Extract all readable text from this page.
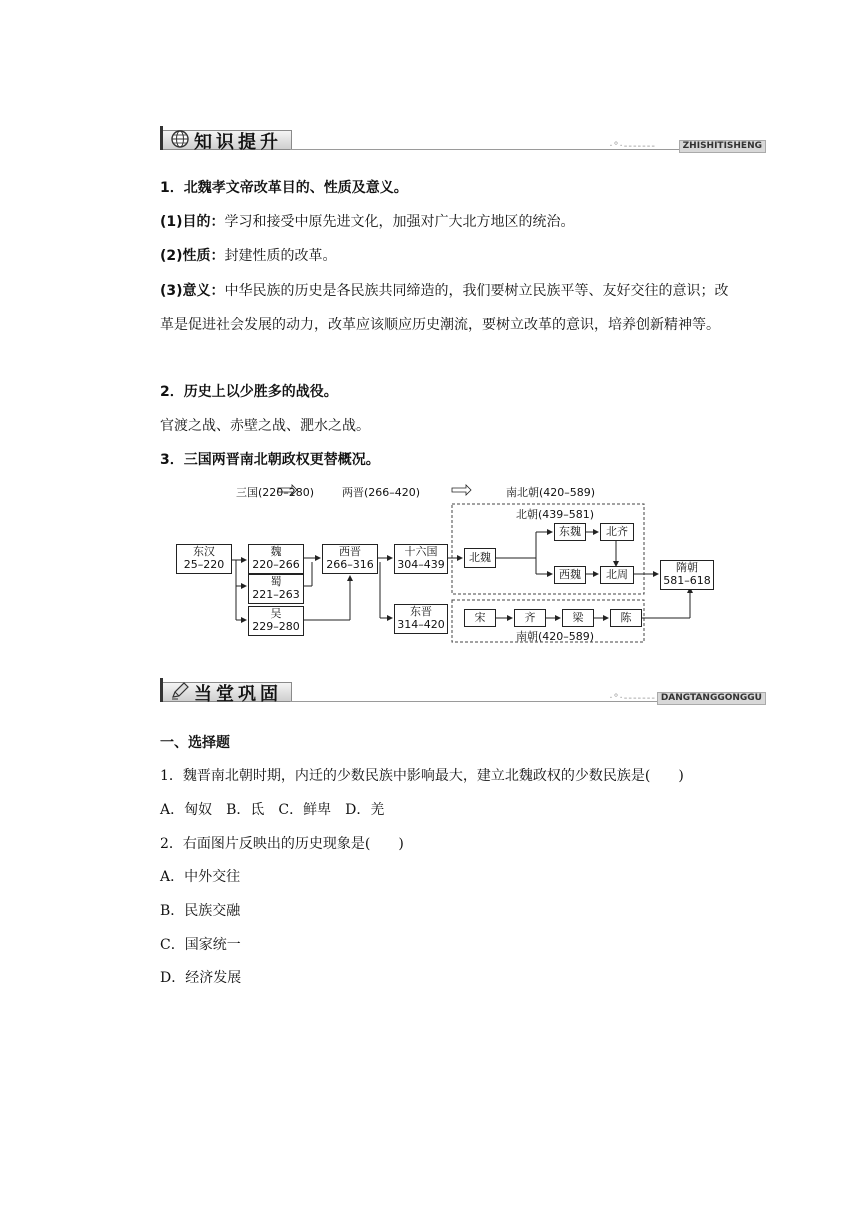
知识提升	·°·-------	ZHISHITISHENG
1．北魏孝文帝改革目的、性质及意义。
(1)目的：学习和接受中原先进文化，加强对广大北方地区的统治。
(2)性质：封建性质的改革。
(3)意义：中华民族的历史是各民族共同缔造的，我们要树立民族平等、友好交往的意识；改革是促进社会发展的动力，改革应该顺应历史潮流，要树立改革的意识，培养创新精神等。
2．历史上以少胜多的战役。
官渡之战、赤壁之战、淝水之战。
3．三国两晋南北朝政权更替概况。
三国(220–280)	两晋(266–420)	南北朝(420–589)
北朝(439–581)
南朝(420–589)
东汉
25–220
魏
220–266
蜀
221–263
吴
229–280
西晋
266–316
十六国
304–439
东晋
314–420
北魏
东魏	北齐
西魏	北周
隋朝
581–618
宋	齐	梁	陈
当堂巩固	·°·------- DANGTANGGONGGU
一、选择题
1．魏晋南北朝时期，内迁的少数民族中影响最大，建立北魏政权的少数民族是(　　)
A．匈奴　B．氐　C．鲜卑　D．羌
2．右面图片反映出的历史现象是(　　)
A．中外交往
B．民族交融
C．国家统一
D．经济发展
